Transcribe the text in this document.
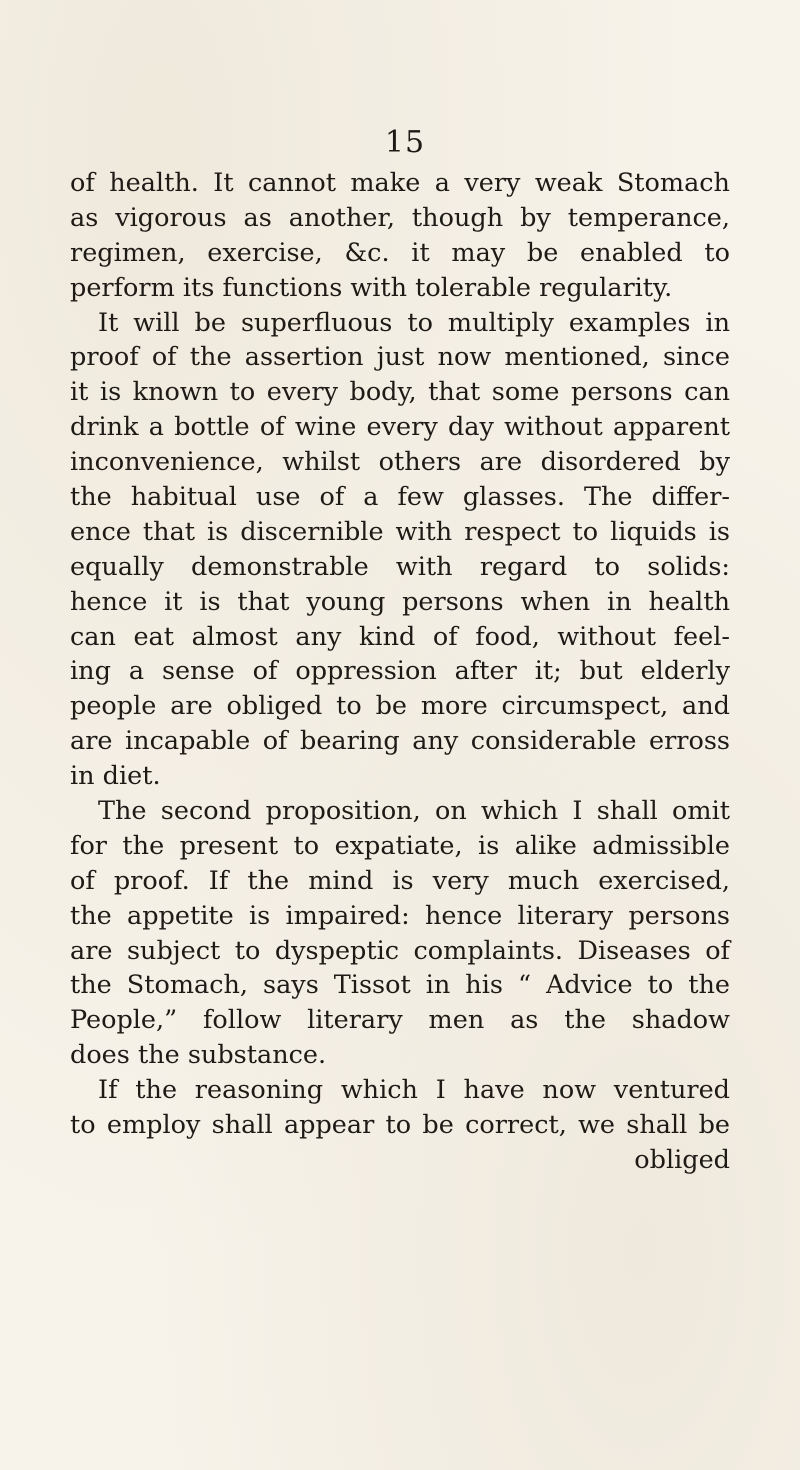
15
of health. It cannot make a very weak Stomach
as vigorous as another, though by temperance,
regimen, exercise, &c. it may be enabled to
perform its functions with tolerable regularity.
It will be superfluous to multiply examples in
proof of the assertion just now mentioned, since
it is known to every body, that some persons can
drink a bottle of wine every day without apparent
inconvenience, whilst others are disordered by
the habitual use of a few glasses. The differ-
ence that is discernible with respect to liquids is
equally demonstrable with regard to solids:
hence it is that young persons when in health
can eat almost any kind of food, without feel-
ing a sense of oppression after it; but elderly
people are obliged to be more circumspect, and
are incapable of bearing any considerable erross
in diet.
The second proposition, on which I shall omit
for the present to expatiate, is alike admissible
of proof. If the mind is very much exercised,
the appetite is impaired: hence literary persons
are subject to dyspeptic complaints. Diseases of
the Stomach, says Tissot in his “ Advice to the
People,” follow literary men as the shadow
does the substance.
If the reasoning which I have now ventured
to employ shall appear to be correct, we shall be
obliged
